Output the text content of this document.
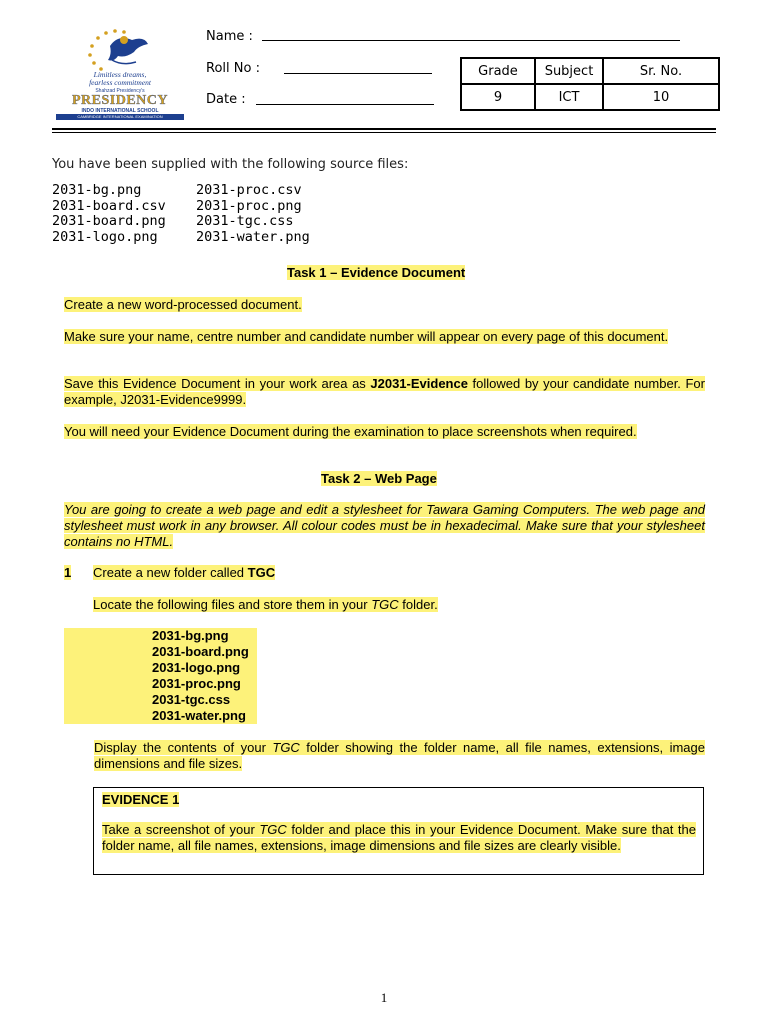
Limitless dreams,
fearless commitment
Shahzad Presidency's
PRESIDENCY
INDO INTERNATIONAL SCHOOL
CAMBRIDGE INTERNATIONAL EXAMINATION
Name :
Roll No :
Date :
Grade	Subject	Sr. No.
9	ICT	10
You have been supplied with the following source files:
2031-bg.png
2031-board.csv
2031-board.png
2031-logo.png
2031-proc.csv
2031-proc.png
2031-tgc.css
2031-water.png
Task 1 – Evidence Document
Create a new word-processed document.
Make sure your name, centre number and candidate number will appear on every page of this document.
Save this Evidence Document in your work area as J2031-Evidence followed by your candidate number. For example, J2031-Evidence9999.
You will need your Evidence Document during the examination to place screenshots when required.
Task 2 – Web Page
You are going to create a web page and edit a stylesheet for Tawara Gaming Computers. The web page and stylesheet must work in any browser. All colour codes must be in hexadecimal. Make sure that your stylesheet contains no HTML.
1 Create a new folder called TGC
Locate the following files and store them in your TGC folder.
2031-bg.png
2031-board.png
2031-logo.png
2031-proc.png
2031-tgc.css
2031-water.png
Display the contents of your TGC folder showing the folder name, all file names, extensions, image dimensions and file sizes.
EVIDENCE 1
Take a screenshot of your TGC folder and place this in your Evidence Document. Make sure that the folder name, all file names, extensions, image dimensions and file sizes are clearly visible.
1
